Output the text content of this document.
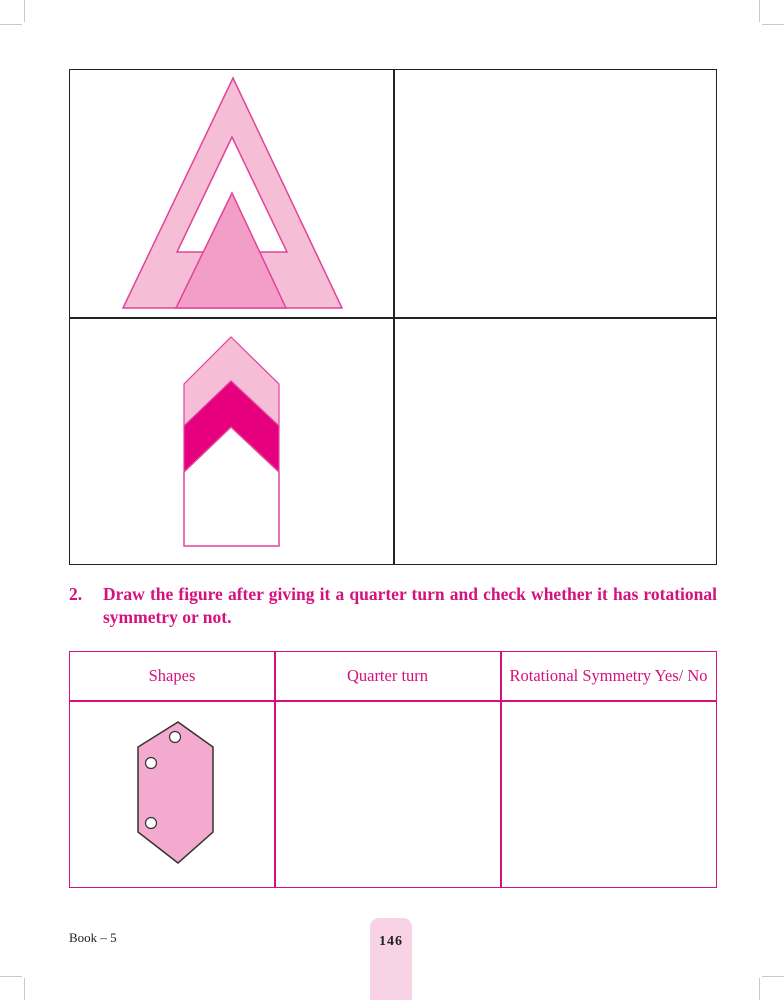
2. Draw the figure after giving it a quarter turn and check whether it has rotational symmetry or not.
Shapes	Quarter turn	Rotational Symmetry Yes/ No
Book – 5	146
